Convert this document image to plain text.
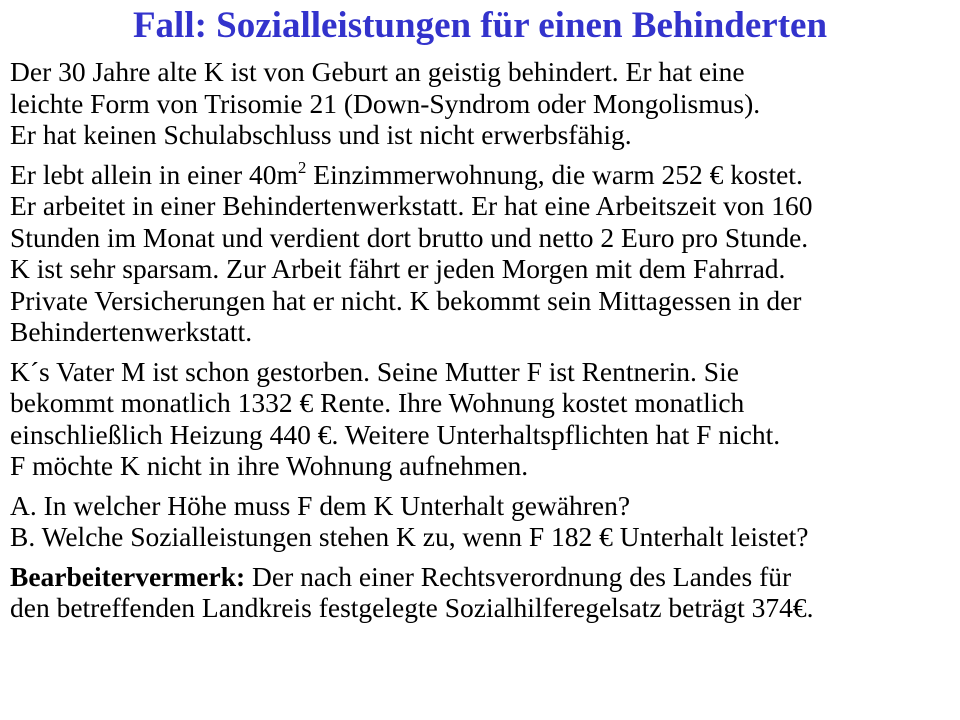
Fall: Sozialleistungen für einen Behinderten

Der 30 Jahre alte K ist von Geburt an geistig behindert. Er hat eine
leichte Form von Trisomie 21 (Down-Syndrom oder Mongolismus).
Er hat keinen Schulabschluss und ist nicht erwerbsfähig.

Er lebt allein in einer $40m^2$ Einzimmerwohnung, die warm 252 € kostet.
Er arbeitet in einer Behindertenwerkstatt. Er hat eine Arbeitszeit von 160
Stunden im Monat und verdient dort brutto und netto 2 Euro pro Stunde.
K ist sehr sparsam. Zur Arbeit fährt er jeden Morgen mit dem Fahrrad.
Private Versicherungen hat er nicht. K bekommt sein Mittagessen in der
Behindertenwerkstatt.

K´s Vater M ist schon gestorben. Seine Mutter F ist Rentnerin. Sie
bekommt monatlich 1332 € Rente. Ihre Wohnung kostet monatlich
einschließlich Heizung 440 €. Weitere Unterhaltspflichten hat F nicht.
F möchte K nicht in ihre Wohnung aufnehmen.

A. In welcher Höhe muss F dem K Unterhalt gewähren?
B. Welche Sozialleistungen stehen K zu, wenn F 182 € Unterhalt leistet?

Bearbeitervermerk: Der nach einer Rechtsverordnung des Landes für
den betreffenden Landkreis festgelegte Sozialhilferegelsatz beträgt 374€.
